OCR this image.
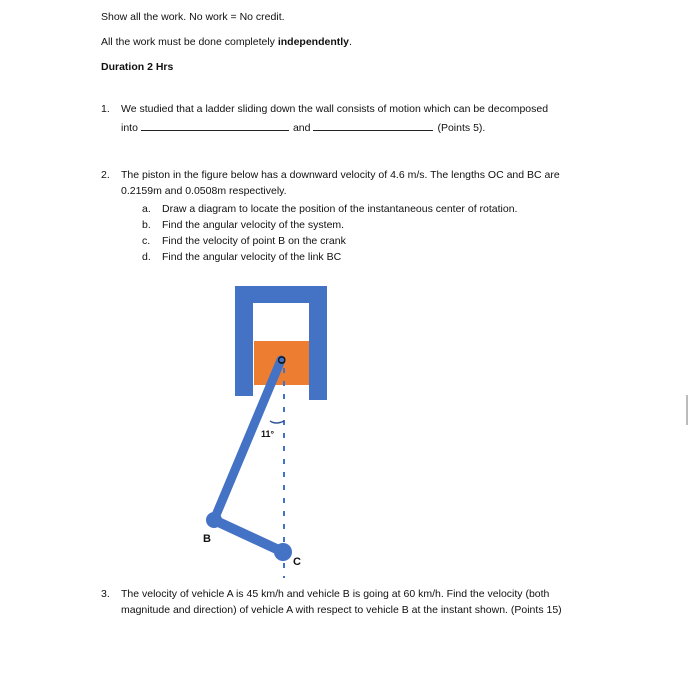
Show all the work. No work = No credit.
All the work must be done completely independently.
Duration 2 Hrs
1. We studied that a ladder sliding down the wall consists of motion which can be decomposed
into	and	(Points 5).
2. The piston in the figure below has a downward velocity of 4.6 m/s. The lengths OC and BC are
0.2159m and 0.0508m respectively.
a. Draw a diagram to locate the position of the instantaneous center of rotation.
b. Find the angular velocity of the system.
c. Find the velocity of point B on the crank
d. Find the angular velocity of the link BC
11°
O
B
C
3. The velocity of vehicle A is 45 km/h and vehicle B is going at 60 km/h. Find the velocity (both
magnitude and direction) of vehicle A with respect to vehicle B at the instant shown. (Points 15)
